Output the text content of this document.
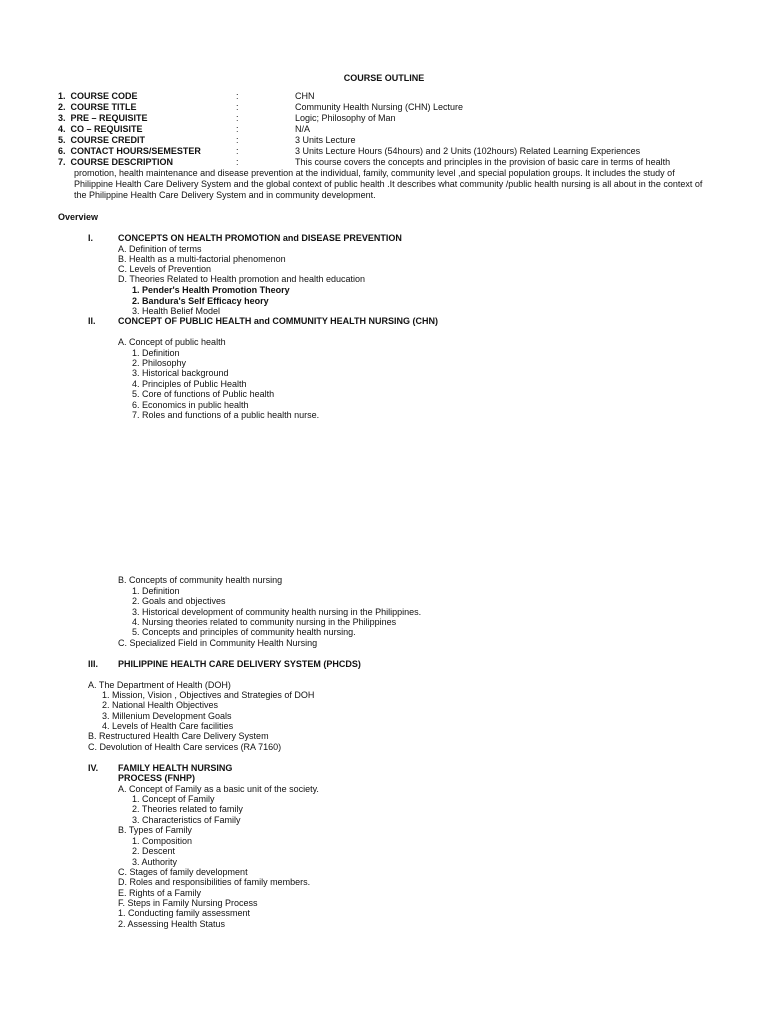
COURSE OUTLINE
1. COURSE CODE	:	CHN
2. COURSE TITLE	:	Community Health Nursing (CHN) Lecture
3. PRE – REQUISITE	:	Logic; Philosophy of Man
4. CO – REQUISITE	:	N/A
5. COURSE CREDIT	:	3 Units Lecture
6. CONTACT HOURS/SEMESTER	:	3 Units Lecture Hours (54hours) and 2 Units (102hours) Related Learning Experiences
7. COURSE DESCRIPTION	:	This course covers the concepts and principles in the provision of basic care in terms of health
promotion, health maintenance and disease prevention at the individual, family, community level ,and special population groups. It includes the study of
Philippine Health Care Delivery System and the global context of public health .It describes what community /public health nursing is all about in the context of
the Philippine Health Care Delivery System and in community development.
Overview
I.	CONCEPTS ON HEALTH PROMOTION and DISEASE PREVENTION
A. Definition of terms
B. Health as a multi-factorial phenomenon
C. Levels of Prevention
D. Theories Related to Health promotion and health education
1. Pender's Health Promotion Theory
2. Bandura's Self Efficacy heory
3. Health Belief Model
II. CONCEPT OF PUBLIC HEALTH and COMMUNITY HEALTH NURSING (CHN)
A. Concept of public health
1. Definition
2. Philosophy
3. Historical background
4. Principles of Public Health
5. Core of functions of Public health
6. Economics in public health
7. Roles and functions of a public health nurse.
B. Concepts of community health nursing
1. Definition
2. Goals and objectives
3. Historical development of community health nursing in the Philippines.
4. Nursing theories related to community nursing in the Philippines
5. Concepts and principles of community health nursing.
C. Specialized Field in Community Health Nursing
III. PHILIPPINE HEALTH CARE DELIVERY SYSTEM (PHCDS)
A. The Department of Health (DOH)
1. Mission, Vision , Objectives and Strategies of DOH
2. National Health Objectives
3. Millenium Development Goals
4. Levels of Health Care facilities
B. Restructured Health Care Delivery System
C. Devolution of Health Care services (RA 7160)
IV. FAMILY HEALTH NURSING
PROCESS (FNHP)
A. Concept of Family as a basic unit of the society.
1. Concept of Family
2. Theories related to family
3. Characteristics of Family
B. Types of Family
1. Composition
2. Descent
3. Authority
C. Stages of family development
D. Roles and responsibilities of family members.
E. Rights of a Family
F. Steps in Family Nursing Process
1. Conducting family assessment
2. Assessing Health Status
